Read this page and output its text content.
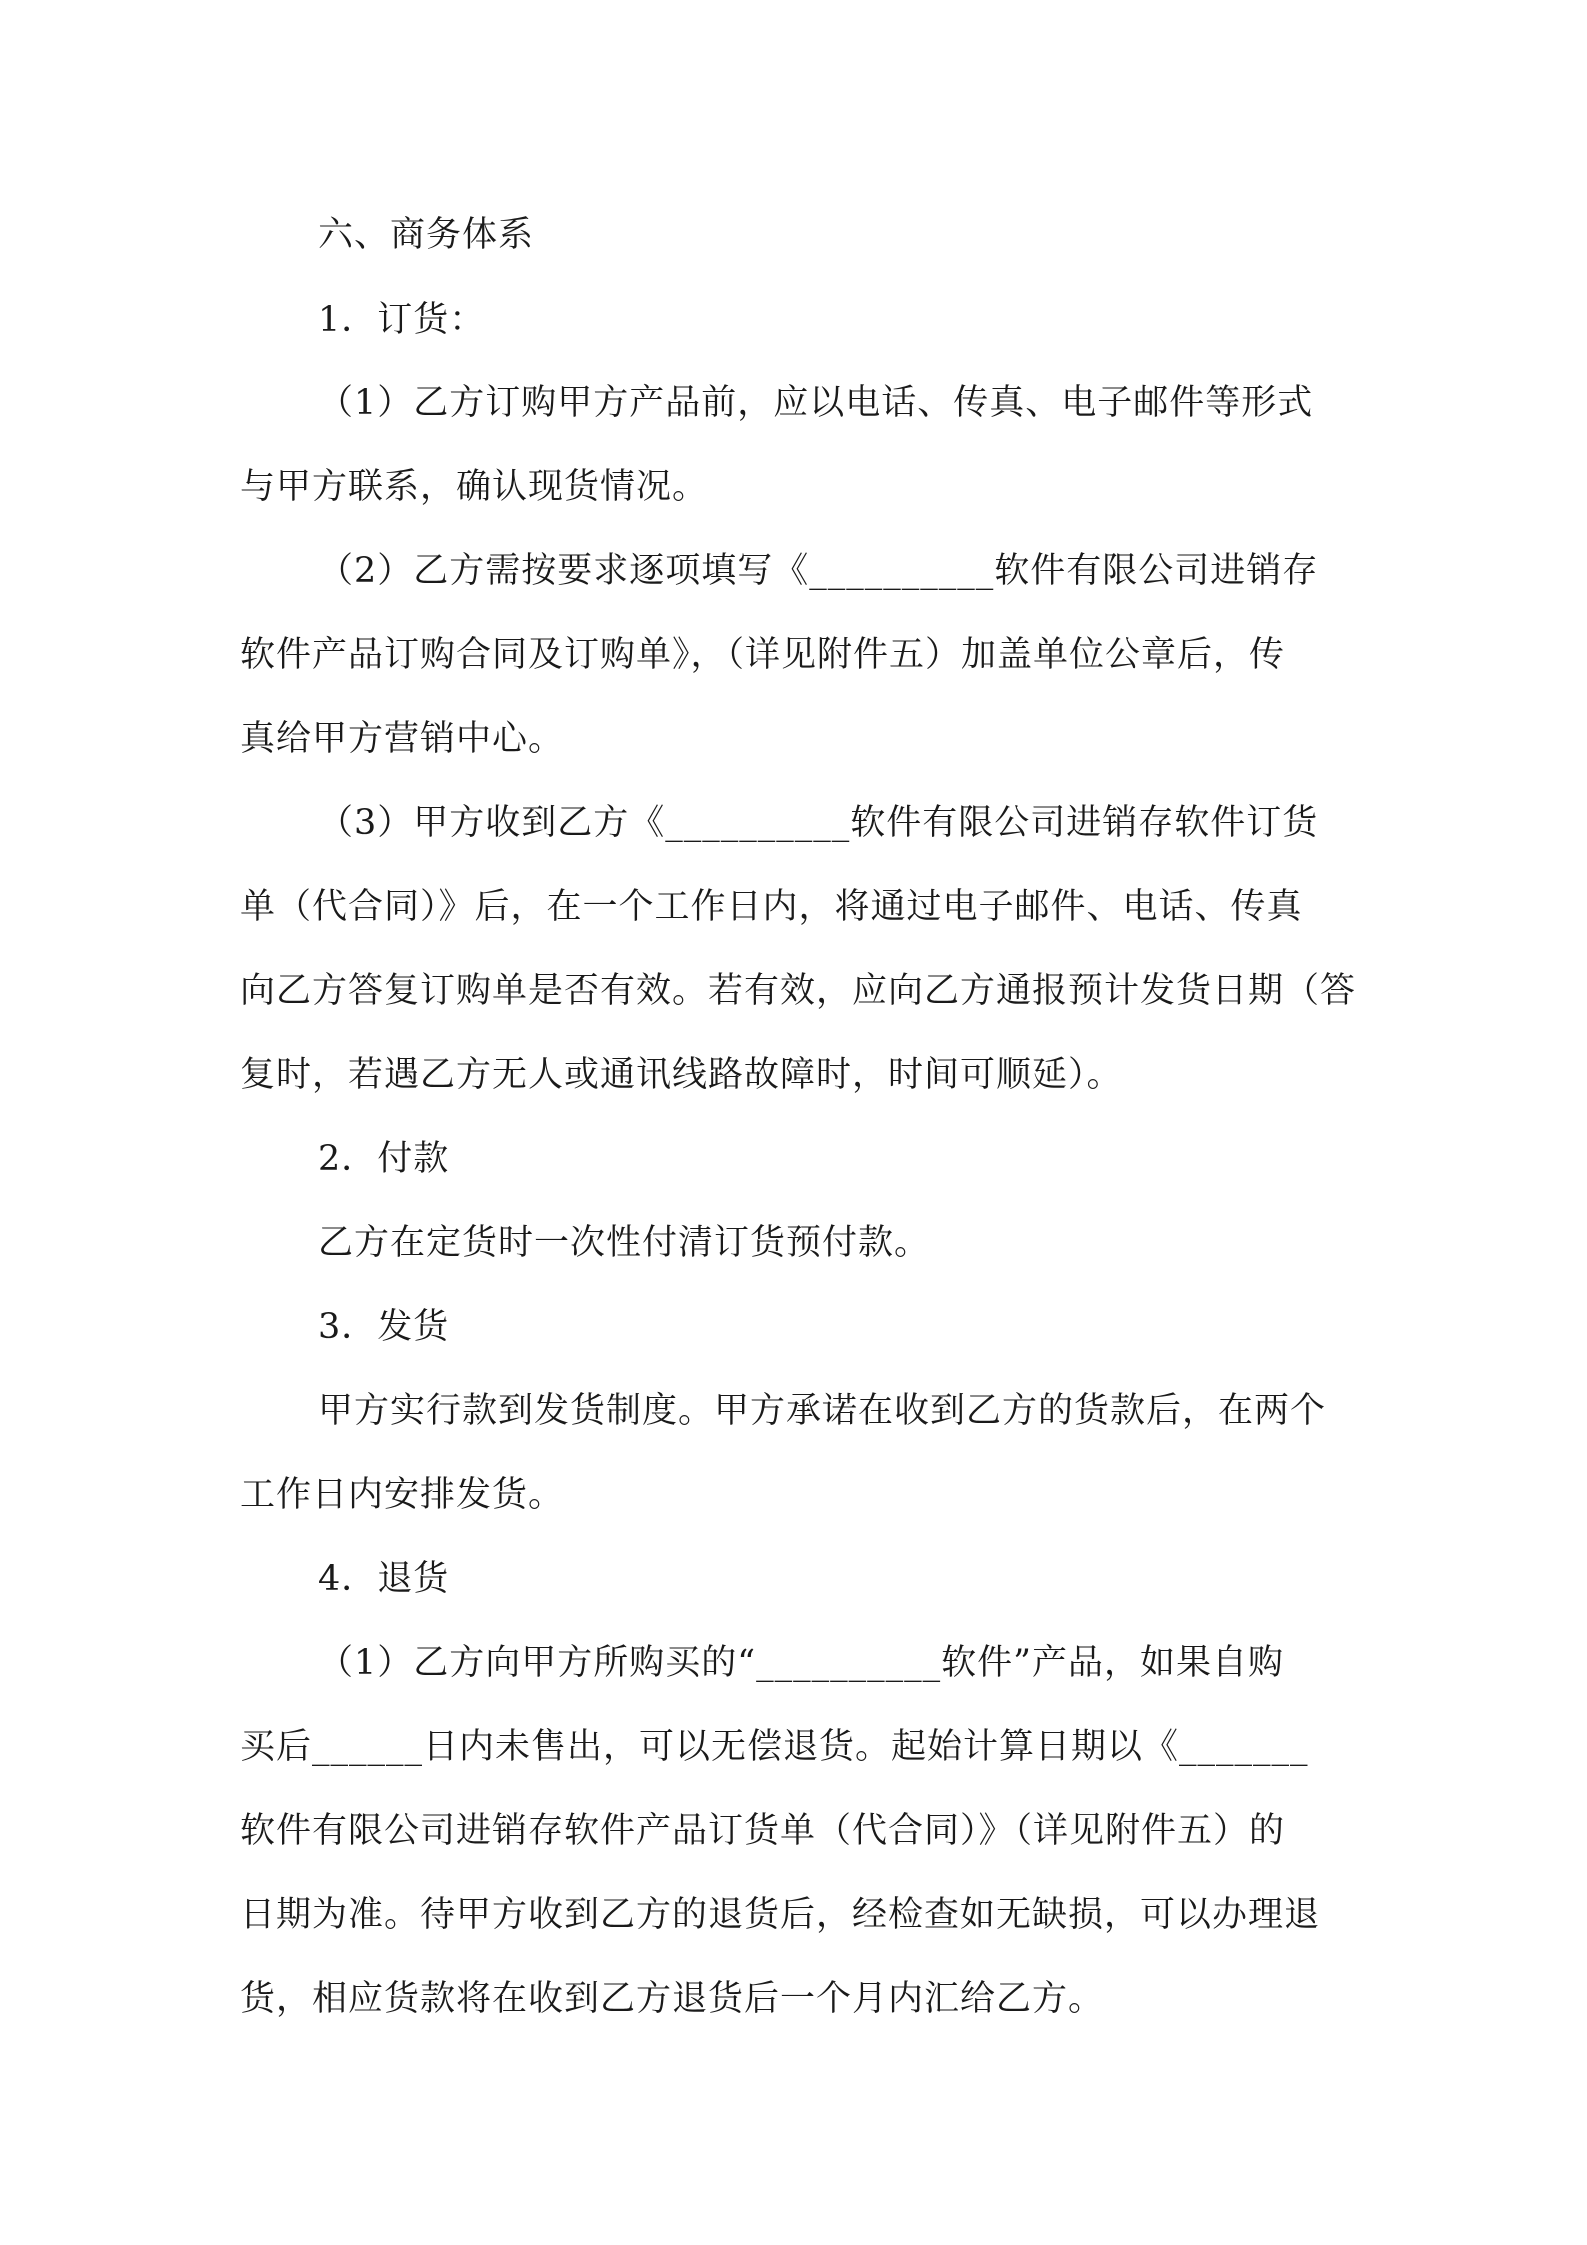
六、商务体系
1．订货：
（1）乙方订购甲方产品前，应以电话、传真、电子邮件等形式
与甲方联系，确认现货情况。
（2）乙方需按要求逐项填写《__________软件有限公司进销存
软件产品订购合同及订购单》，（详见附件五）加盖单位公章后，传
真给甲方营销中心。
（3）甲方收到乙方《__________软件有限公司进销存软件订货
单（代合同）》后，在一个工作日内，将通过电子邮件、电话、传真
向乙方答复订购单是否有效。若有效，应向乙方通报预计发货日期（答
复时，若遇乙方无人或通讯线路故障时，时间可顺延）。
2．付款
乙方在定货时一次性付清订货预付款。
3．发货
甲方实行款到发货制度。甲方承诺在收到乙方的货款后，在两个
工作日内安排发货。
4．退货
（1）乙方向甲方所购买的“__________软件”产品，如果自购
买后______日内未售出，可以无偿退货。起始计算日期以《_______
软件有限公司进销存软件产品订货单（代合同）》（详见附件五）的
日期为准。待甲方收到乙方的退货后，经检查如无缺损，可以办理退
货，相应货款将在收到乙方退货后一个月内汇给乙方。
